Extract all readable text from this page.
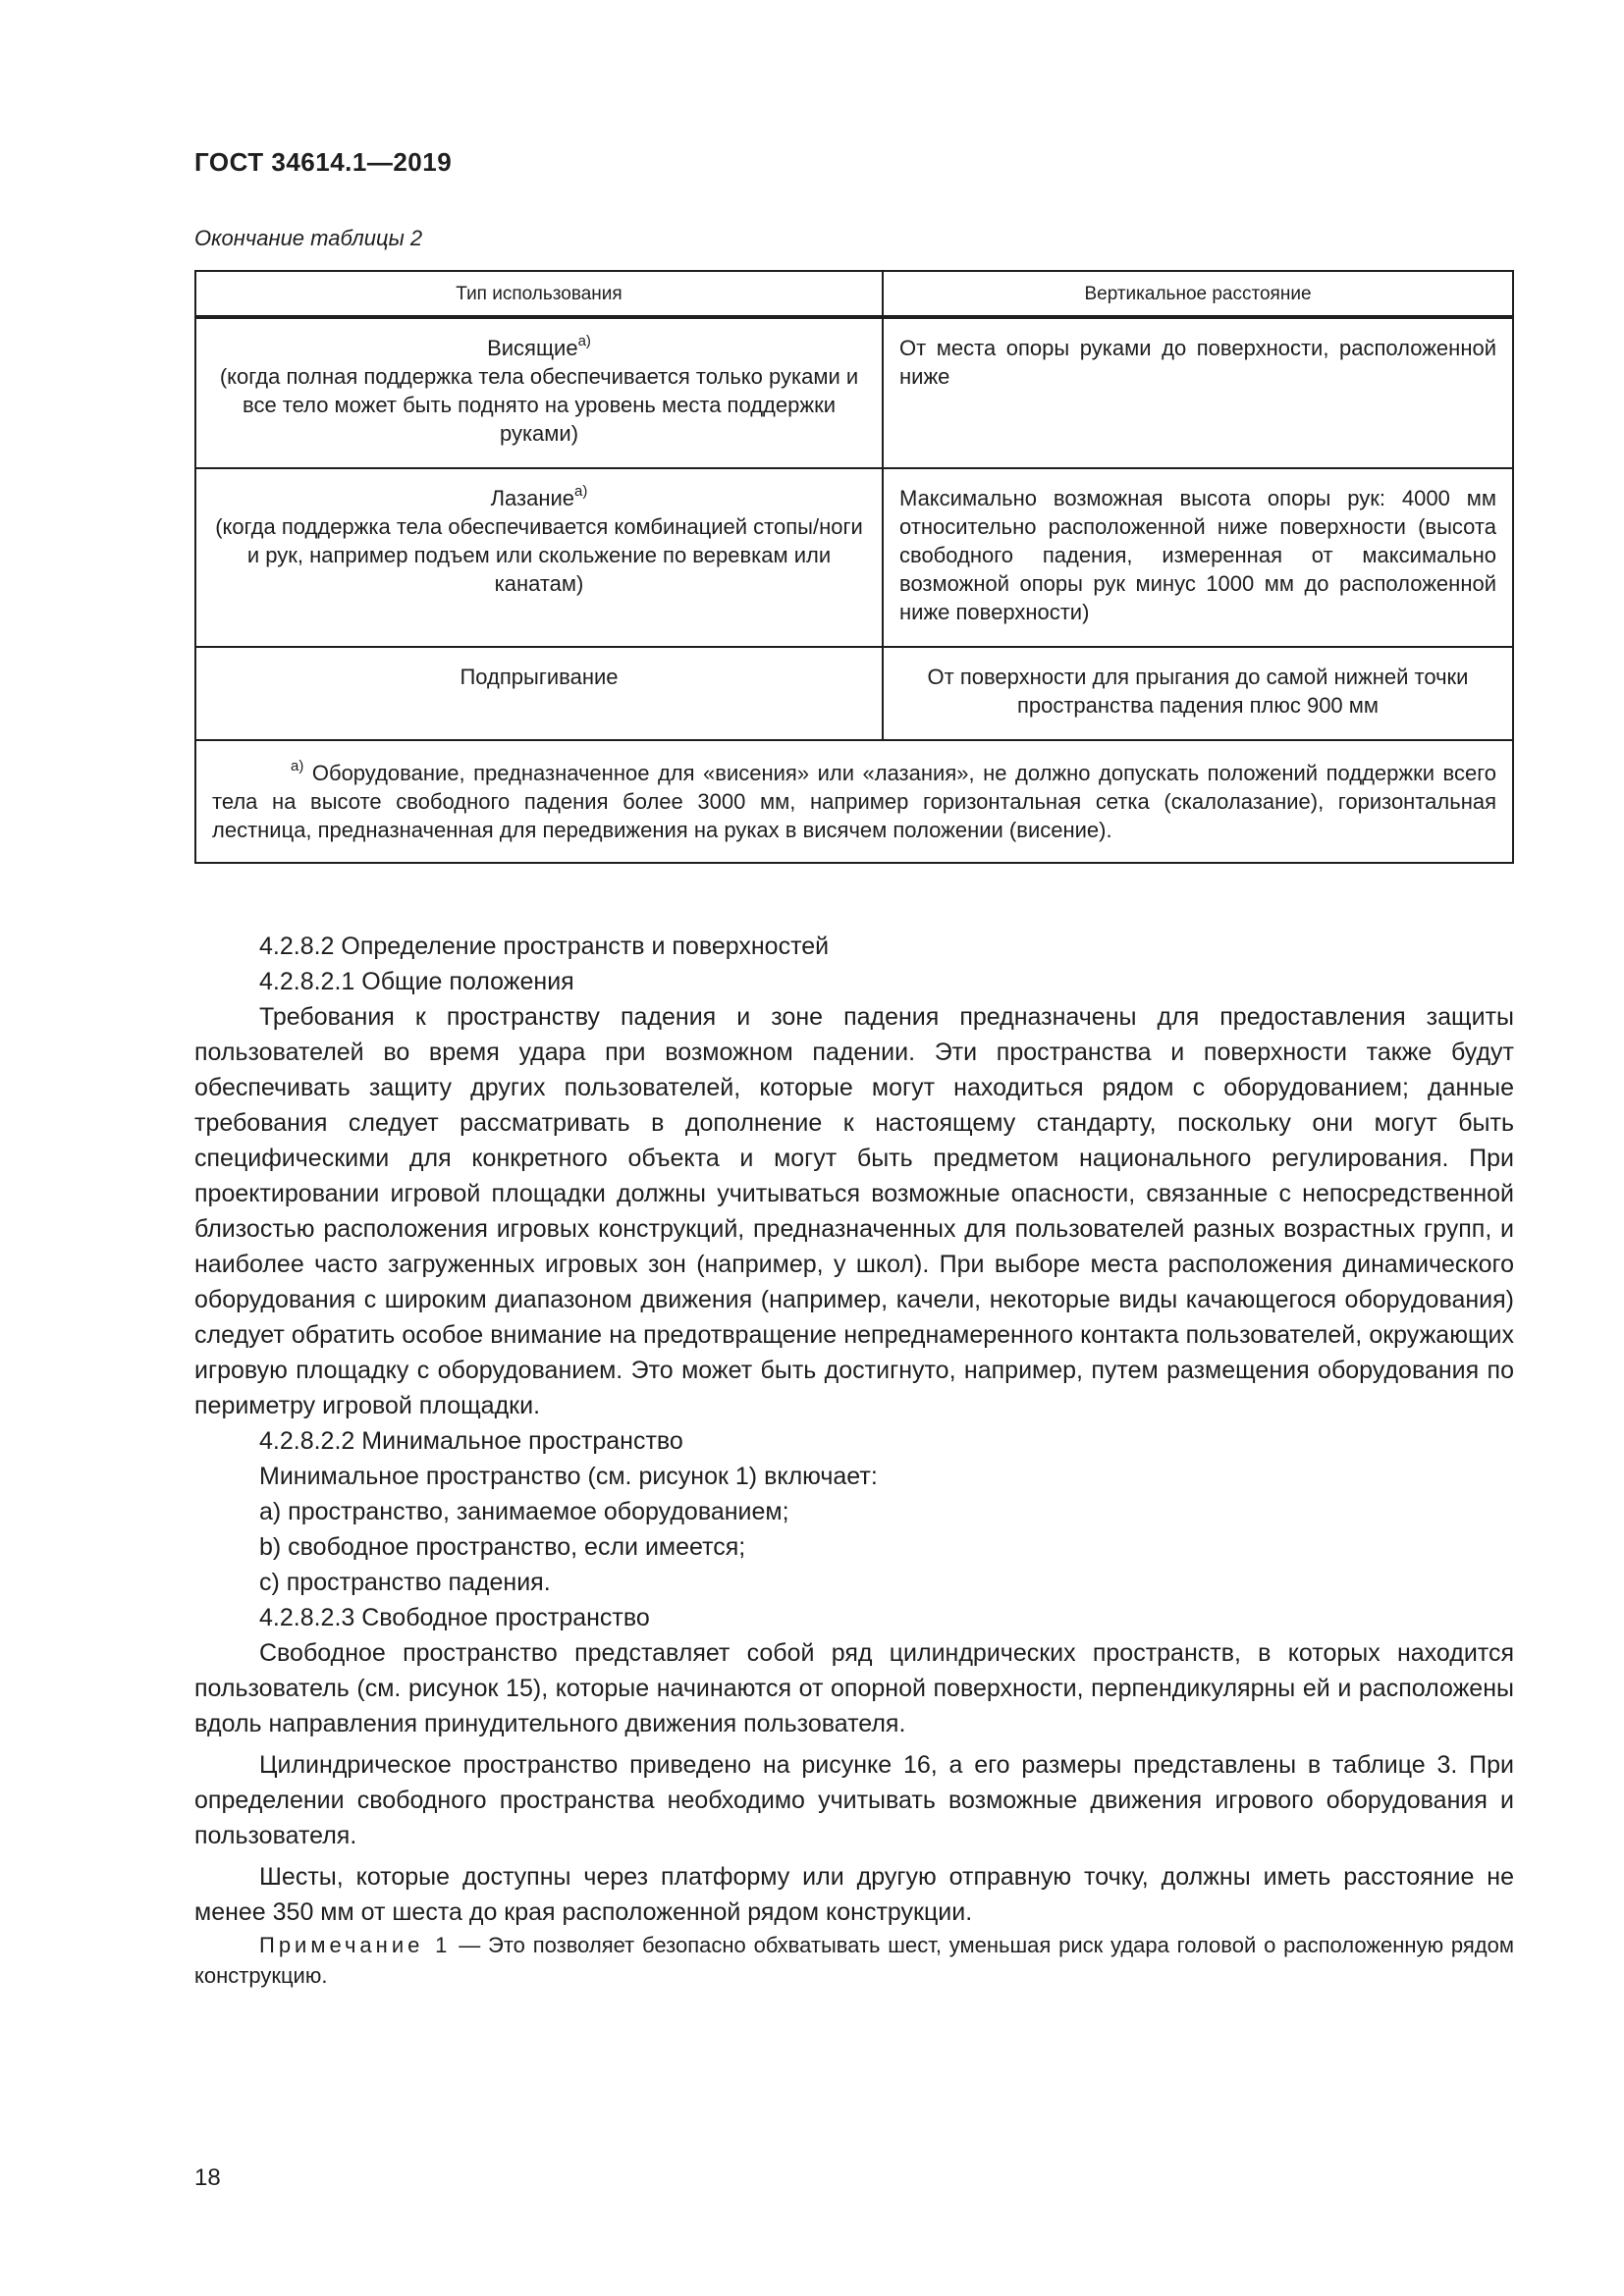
ГОСТ 34614.1—2019
Окончание таблицы 2
Тип использования	Вертикальное расстояние
Висящие$^{а)}$
(когда полная поддержка тела обеспечивается только руками и все тело может быть поднято на уровень места поддержки руками)	От места опоры руками до поверхности, расположенной ниже
Лазание$^{а)}$
(когда поддержка тела обеспечивается комбинацией стопы/ноги и рук, например подъем или скольжение по веревкам или канатам)	Максимально возможная высота опоры рук: 4000 мм относительно расположенной ниже поверхности (высота свободного падения, измеренная от максимально возможной опоры рук минус 1000 мм до расположенной ниже поверхности)
Подпрыгивание	От поверхности для прыгания до самой нижней точки пространства падения плюс 900 мм
$^{а)}$ Оборудование, предназначенное для «висения» или «лазания», не должно допускать положений поддержки всего тела на высоте свободного падения более 3000 мм, например горизонтальная сетка (скалолазание), горизонтальная лестница, предназначенная для передвижения на руках в висячем положении (висение).	

4.2.8.2 Определение пространств и поверхностей

4.2.8.2.1 Общие положения

Требования к пространству падения и зоне падения предназначены для предоставления защиты пользователей во время удара при возможном падении. Эти пространства и поверхности также будут обеспечивать защиту других пользователей, которые могут находиться рядом с оборудованием; данные требования следует рассматривать в дополнение к настоящему стандарту, поскольку они могут быть специфическими для конкретного объекта и могут быть предметом национального регулирования. При проектировании игровой площадки должны учитываться возможные опасности, связанные с непосредственной близостью расположения игровых конструкций, предназначенных для пользователей разных возрастных групп, и наиболее часто загруженных игровых зон (например, у школ). При выборе места расположения динамического оборудования с широким диапазоном движения (например, качели, некоторые виды качающегося оборудования) следует обратить особое внимание на предотвращение непреднамеренного контакта пользователей, окружающих игровую площадку с оборудованием. Это может быть достигнуто, например, путем размещения оборудования по периметру игровой площадки.

4.2.8.2.2 Минимальное пространство

Минимальное пространство (см. рисунок 1) включает:

a) пространство, занимаемое оборудованием;

b) свободное пространство, если имеется;

c) пространство падения.

4.2.8.2.3 Свободное пространство

Свободное пространство представляет собой ряд цилиндрических пространств, в которых находится пользователь (см. рисунок 15), которые начинаются от опорной поверхности, перпендикулярны ей и расположены вдоль направления принудительного движения пользователя.

Цилиндрическое пространство приведено на рисунке 16, а его размеры представлены в таблице 3. При определении свободного пространства необходимо учитывать возможные движения игрового оборудования и пользователя.

Шесты, которые доступны через платформу или другую отправную точку, должны иметь расстояние не менее 350 мм от шеста до края расположенной рядом конструкции.

Примечание 1 — Это позволяет безопасно обхватывать шест, уменьшая риск удара головой о расположенную рядом конструкцию.

18
